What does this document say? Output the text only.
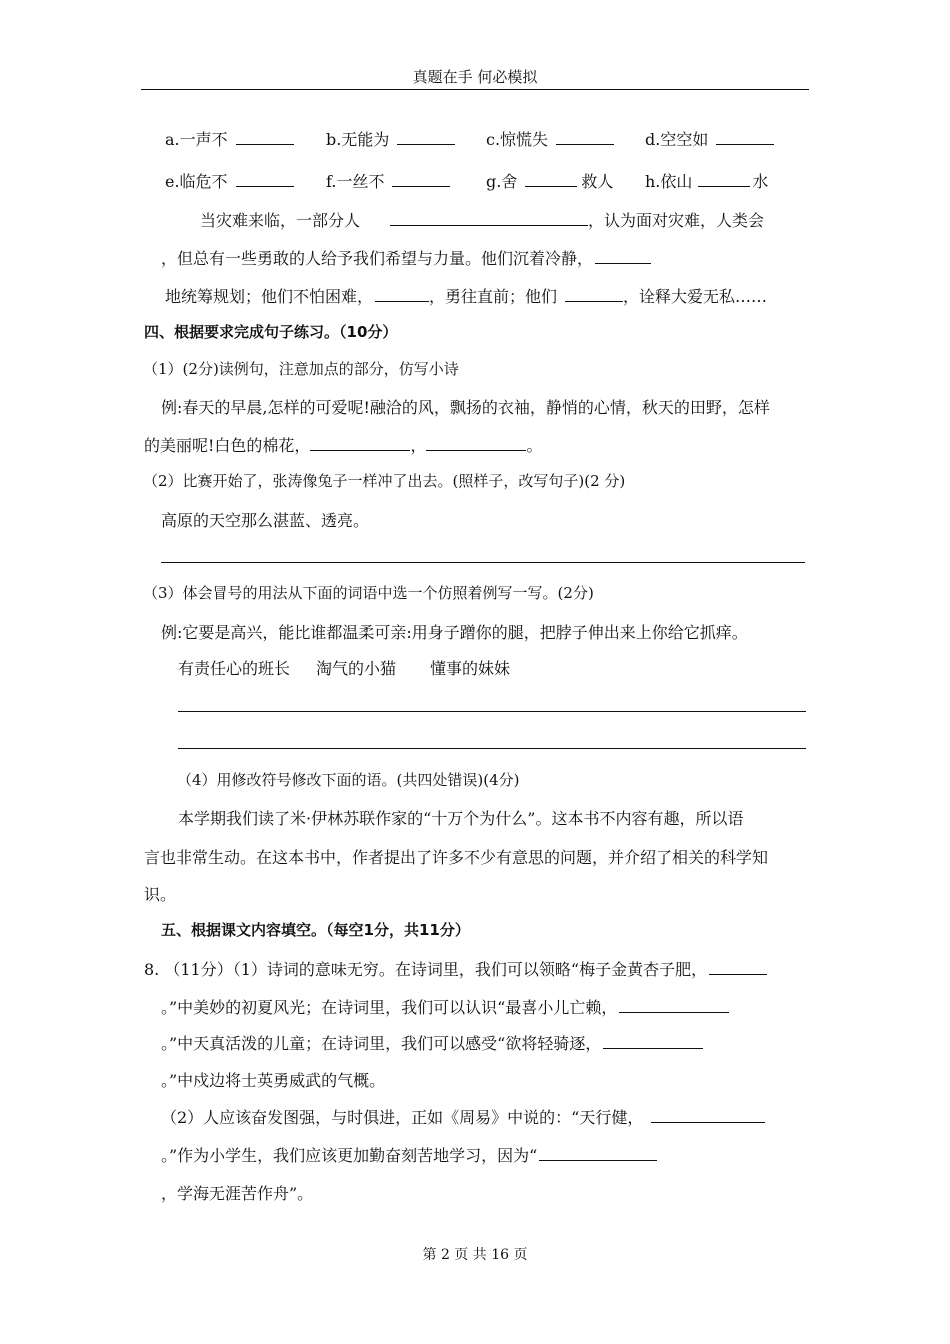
真题在手 何必模拟
a.一声不	b.无能为	c.惊慌失	d.空空如
e.临危不	f.一丝不	g.舍	救人 h.依山	水
当灾难来临，一部分人	，认为面对灾难，人类会
，但总有一些勇敢的人给予我们希望与力量。他们沉着冷静，
地统筹规划；他们不怕困难，	，勇往直前；他们	，诠释大爱无私……
四、根据要求完成句子练习。（10分）
（1）(2分)读例句，注意加点的部分，仿写小诗
例:春天的早晨,怎样的可爱呢!融洽的风，飘扬的衣袖，静悄的心情，秋天的田野，怎样
的美丽呢!白色的棉花，	，	。
（2）比赛开始了，张涛像兔子一样冲了出去。(照样子，改写句子)(2 分)
高原的天空那么湛蓝、透亮。
（3）体会冒号的用法从下面的词语中选一个仿照着例写一写。(2分)
例:它要是高兴，能比谁都温柔可亲:用身子蹭你的腿，把脖子伸出来上你给它抓痒。
有责任心的班长 淘气的小猫 懂事的妹妹
（4）用修改符号修改下面的语。(共四处错误)(4分)
本学期我们读了米·伊林苏联作家的“十万个为什么”。这本书不内容有趣，所以语
言也非常生动。在这本书中，作者提出了许多不少有意思的问题，并介绍了相关的科学知
识。
五、根据课文内容填空。（每空1分，共11分）
8. （11分）（1）诗词的意味无穷。在诗词里，我们可以领略“梅子金黄杏子肥，
。”中美妙的初夏风光；在诗词里，我们可以认识“最喜小儿亡赖，
。”中天真活泼的儿童；在诗词里，我们可以感受“欲将轻骑逐，
。”中戍边将士英勇威武的气概。
（2）人应该奋发图强，与时俱进，正如《周易》中说的：“天行健，
。”作为小学生，我们应该更加勤奋刻苦地学习，因为“
，学海无涯苦作舟”。
第 2 页 共 16 页
